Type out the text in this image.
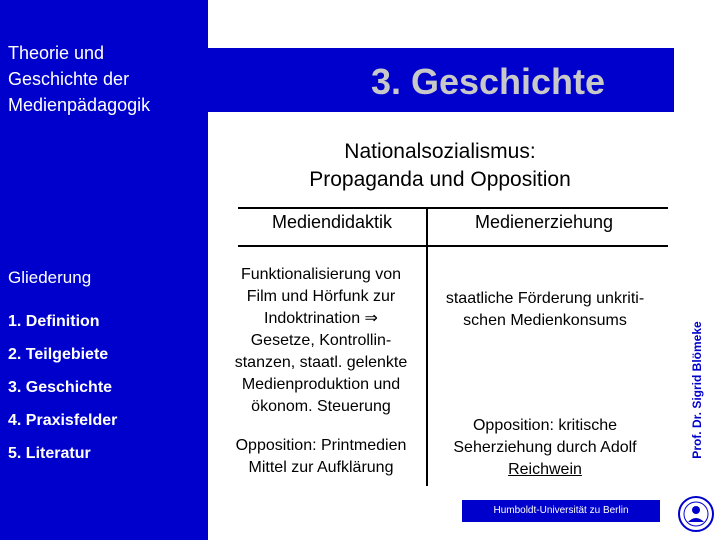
Theorie und
Geschichte der
Medienpädagogik
Gliederung
1. Definition
2. Teilgebiete
3. Geschichte
4. Praxisfelder
5. Literatur
3. Geschichte
Prof. Dr. Sigrid Blömeke
Nationalsozialismus:
Propaganda und Opposition
Mediendidaktik	Medienerziehung
Funktionalisierung von
Film und Hörfunk zur
Indoktrination ⇒
Gesetze, Kontrollin-
stanzen, staatl. gelenkte
Medienproduktion und
ökonom. Steuerung
Opposition: Printmedien
Mittel zur Aufklärung
staatliche Förderung unkriti-
schen Medienkonsums
Opposition: kritische
Seherziehung durch Adolf
Reichwein
Humboldt-Universität zu Berlin
